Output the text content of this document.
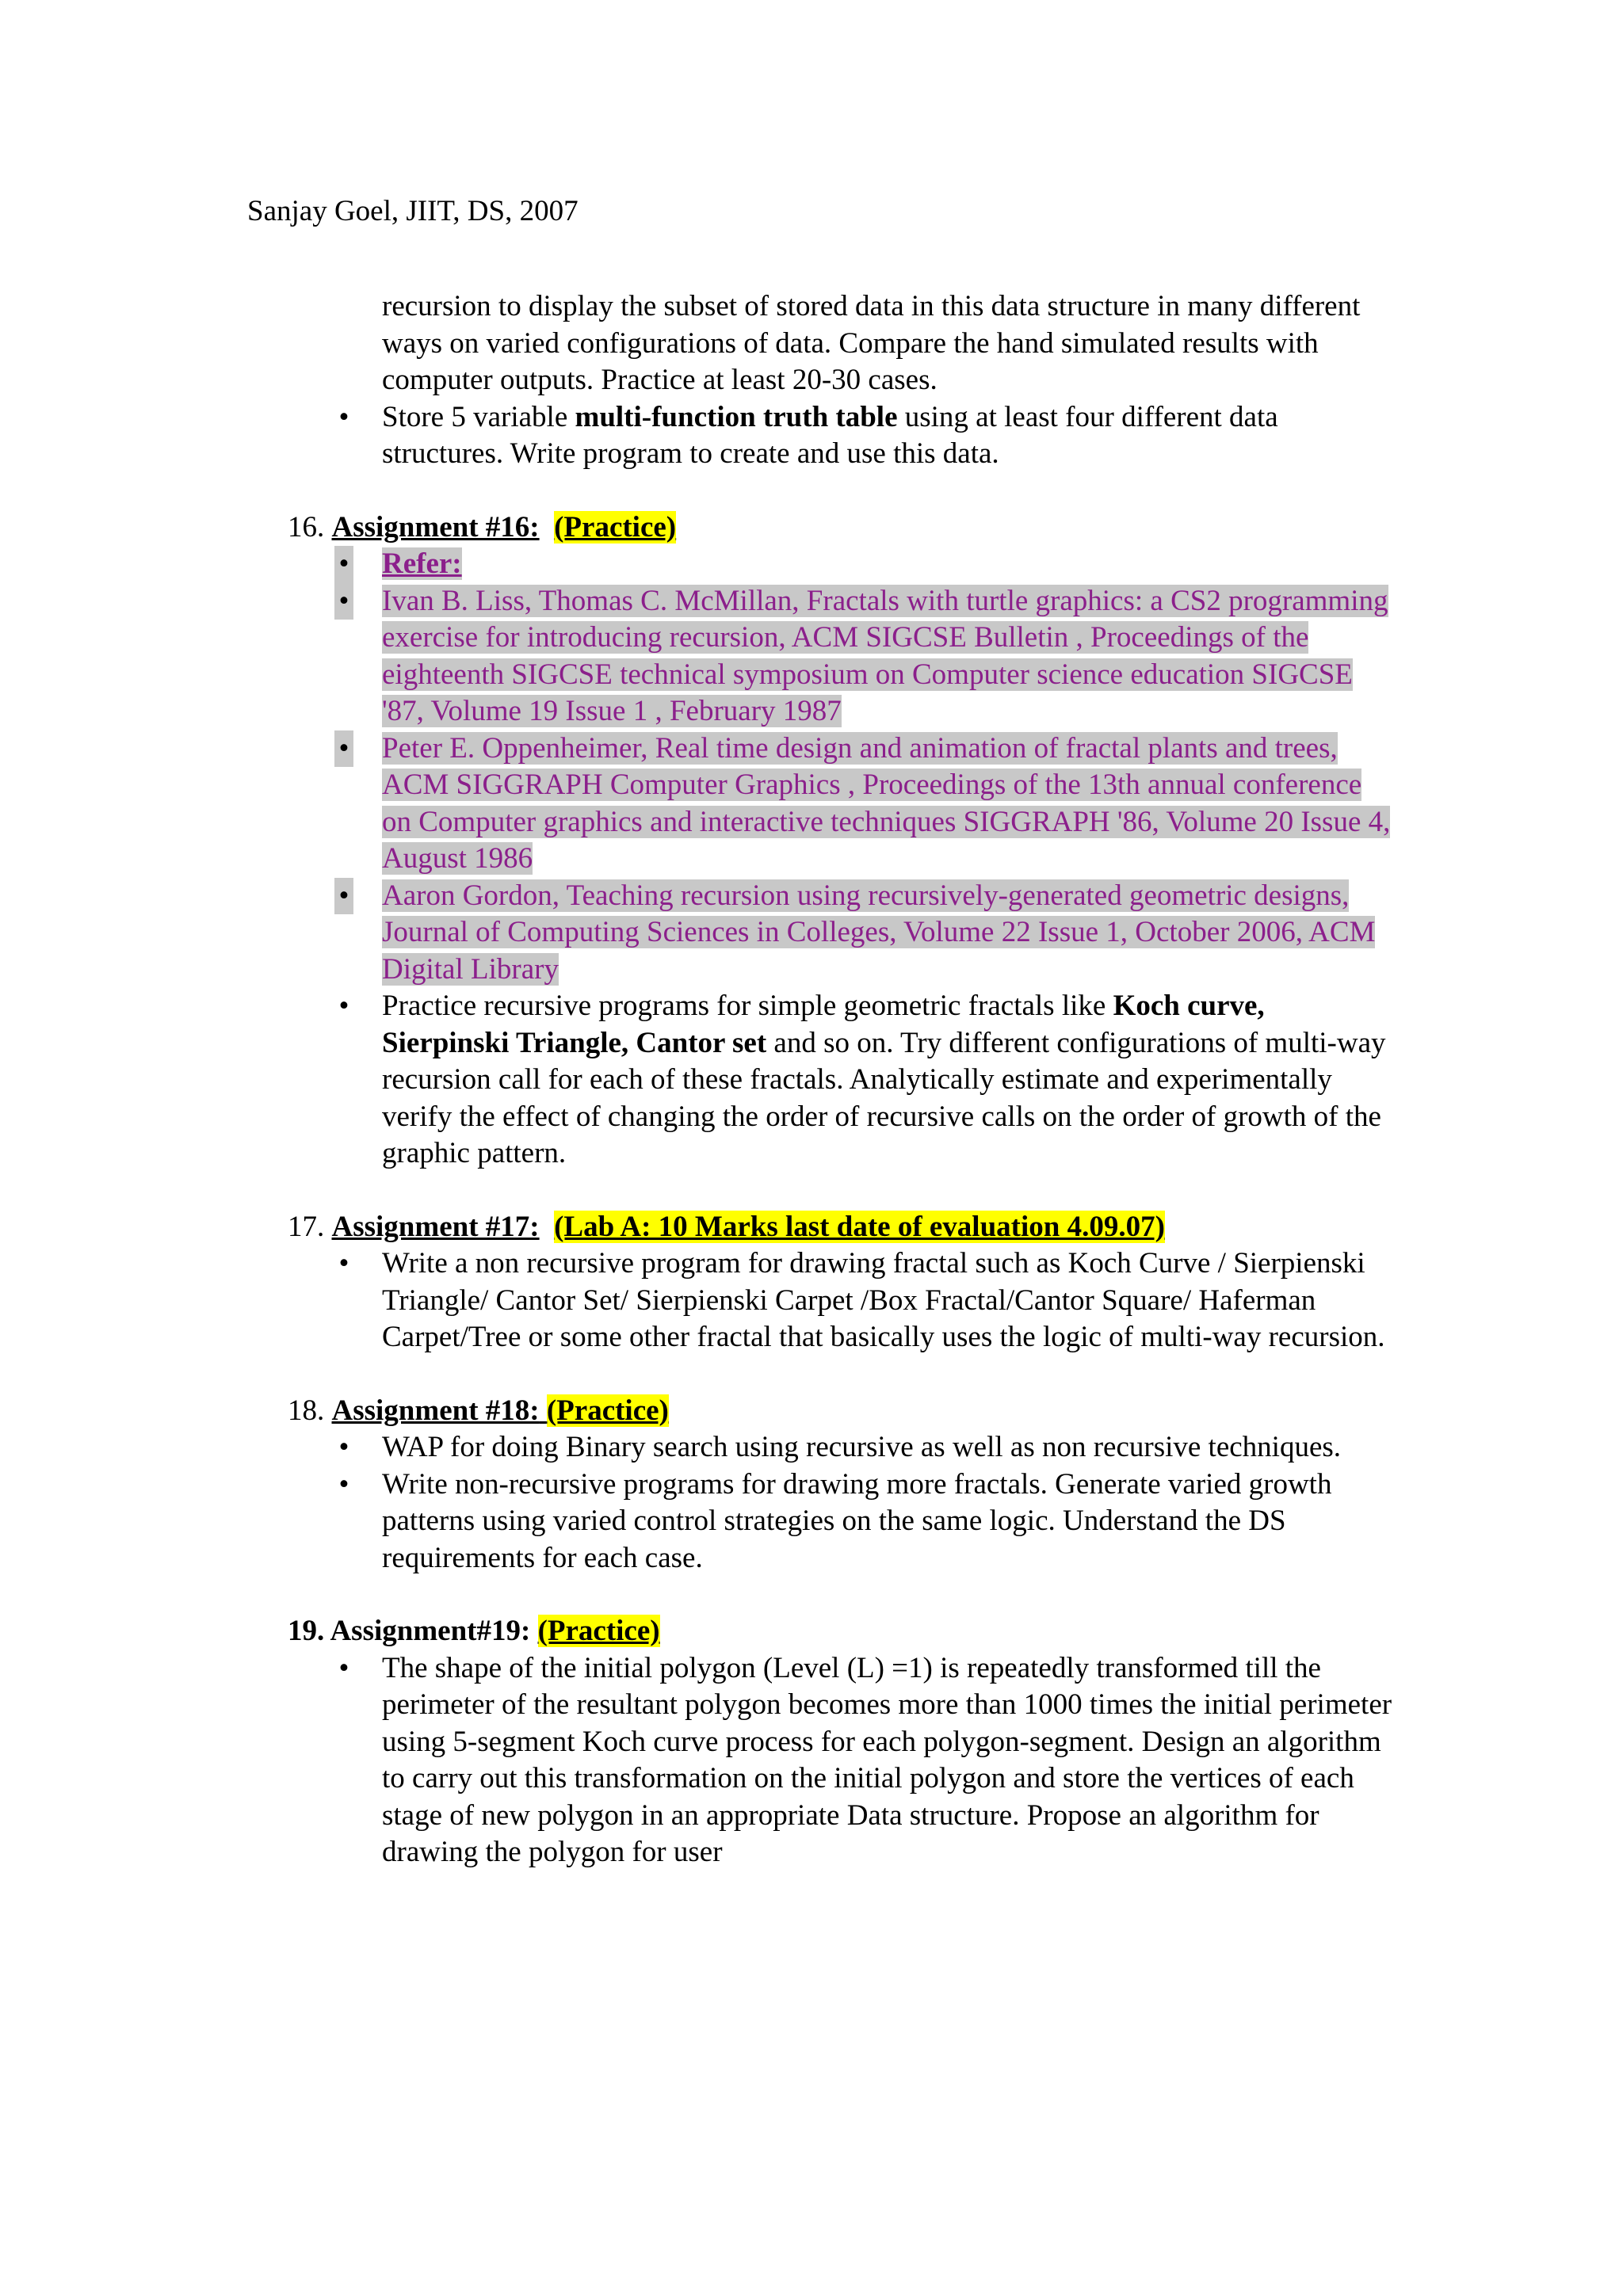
Sanjay Goel, JIIT, DS, 2007
recursion to display the subset of stored data in this data structure in many different ways on varied configurations of data. Compare the hand simulated results with computer outputs. Practice at least 20-30 cases.
• Store 5 variable multi-function truth table using at least four different data structures. Write program to create and use this data.
16. Assignment #16: (Practice)
• Refer:
• Ivan B. Liss, Thomas C. McMillan, Fractals with turtle graphics: a CS2 programming exercise for introducing recursion, ACM SIGCSE Bulletin , Proceedings of the eighteenth SIGCSE technical symposium on Computer science education SIGCSE '87, Volume 19 Issue 1 , February 1987
• Peter E. Oppenheimer, Real time design and animation of fractal plants and trees, ACM SIGGRAPH Computer Graphics , Proceedings of the 13th annual conference on Computer graphics and interactive techniques SIGGRAPH '86, Volume 20 Issue 4, August 1986
• Aaron Gordon, Teaching recursion using recursively-generated geometric designs, Journal of Computing Sciences in Colleges, Volume 22 Issue 1, October 2006, ACM Digital Library
• Practice recursive programs for simple geometric fractals like Koch curve, Sierpinski Triangle, Cantor set and so on. Try different configurations of multi-way recursion call for each of these fractals. Analytically estimate and experimentally verify the effect of changing the order of recursive calls on the order of growth of the graphic pattern.
17. Assignment #17: (Lab A: 10 Marks last date of evaluation 4.09.07)
• Write a non recursive program for drawing fractal such as Koch Curve / Sierpienski Triangle/ Cantor Set/ Sierpienski Carpet /Box Fractal/Cantor Square/ Haferman Carpet/Tree or some other fractal that basically uses the logic of multi-way recursion.
18. Assignment #18: (Practice)
• WAP for doing Binary search using recursive as well as non recursive techniques.
• Write non-recursive programs for drawing more fractals. Generate varied growth patterns using varied control strategies on the same logic. Understand the DS requirements for each case.
19. Assignment#19: (Practice)
• The shape of the initial polygon (Level (L) =1) is repeatedly transformed till the perimeter of the resultant polygon becomes more than 1000 times the initial perimeter using 5-segment Koch curve process for each polygon-segment. Design an algorithm to carry out this transformation on the initial polygon and store the vertices of each stage of new polygon in an appropriate Data structure. Propose an algorithm for drawing the polygon for user
